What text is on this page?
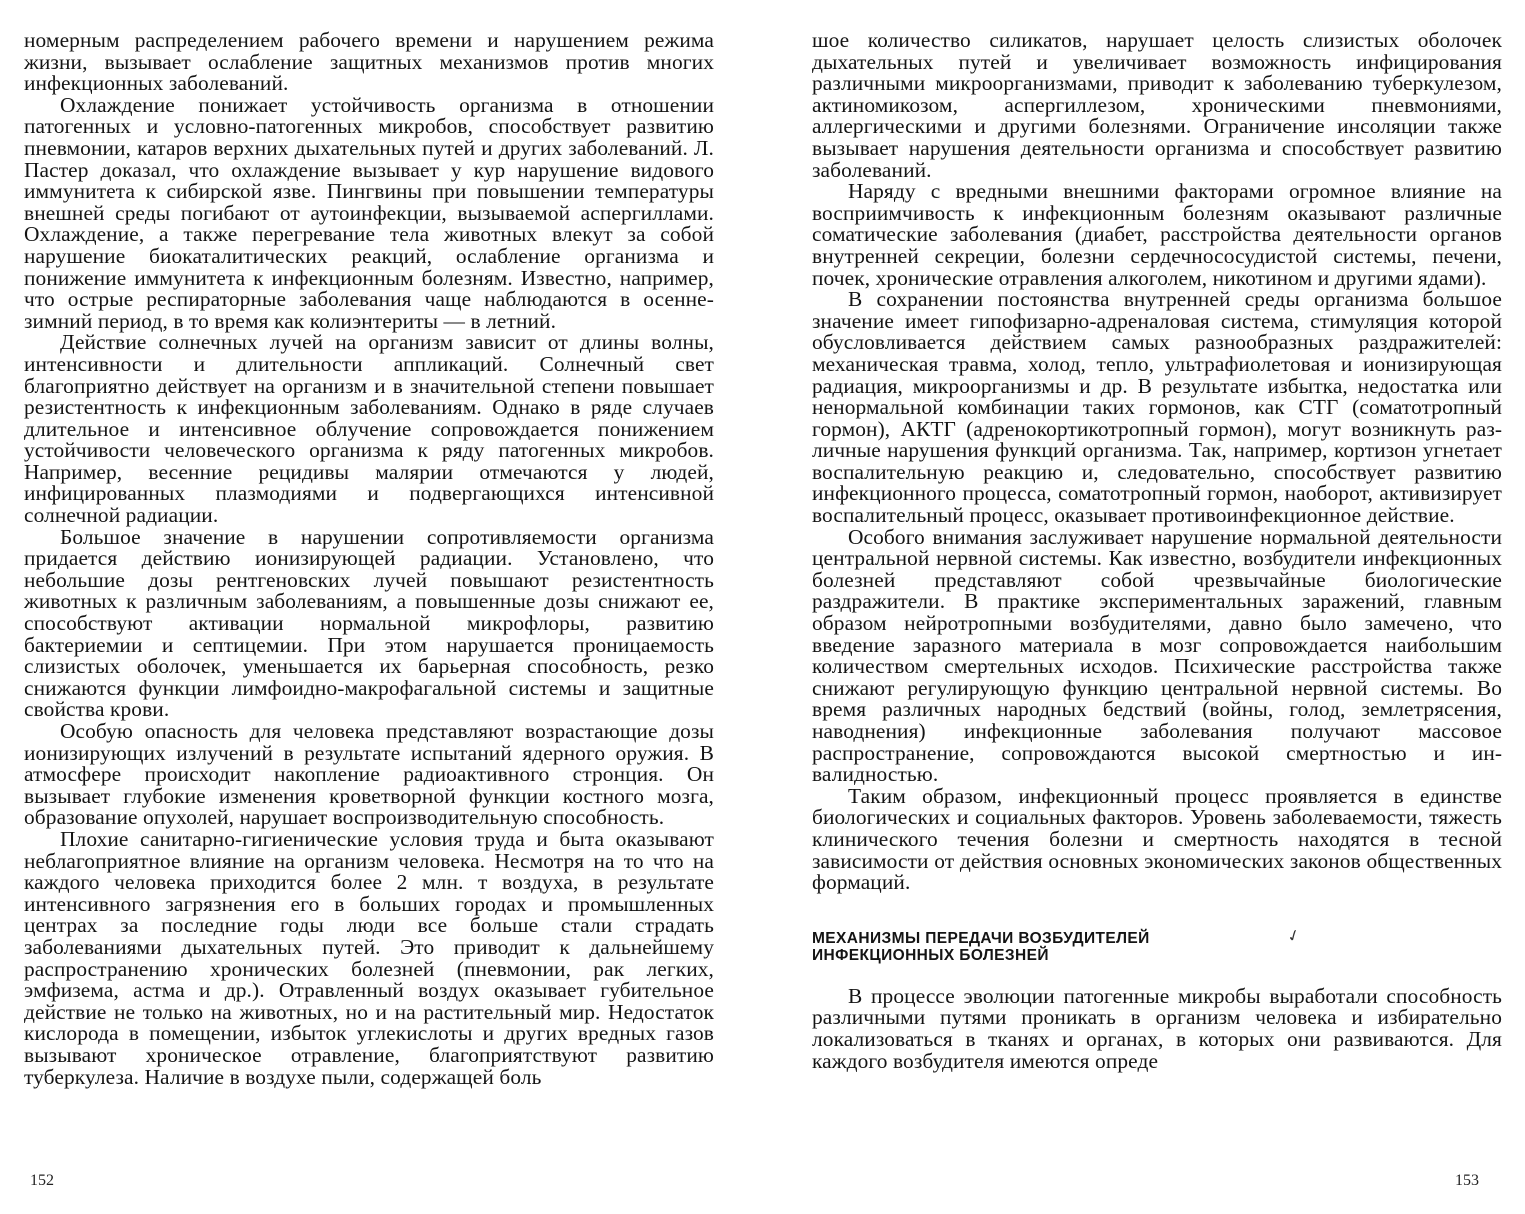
номерным распределением рабочего времени и нарушением режима жизни, вызывает ослабление защитных механизмов против многих инфекционных заболеваний.

Охлаждение понижает устойчивость организма в отношении патогенных и условно-патогенных микробов, способствует развитию пневмонии, катаров верхних дыхательных путей и других заболеваний. Л. Пастер доказал, что охлаждение вызывает у кур нарушение видового иммунитета к сибирской язве. Пингвины при повышении температуры внешней среды погибают от аутоинфекции, вызываемой аспергиллами. Охлаждение, а также перегревание тела животных влекут за собой нарушение биокаталитических реакций, ослабление организма и понижение иммунитета к инфекционным болезням. Известно, например, что острые респираторные заболевания чаще наблюдаются в осенне-зимний период, в то время как колиэнтериты — в летний.

Действие солнечных лучей на организм зависит от длины волны, интенсивности и длительности аппликаций. Солнечный свет благоприятно действует на организм и в значительной степени повышает резистентность к инфекционным заболеваниям. Однако в ряде случаев длительное и интенсивное облучение сопровождается понижением устойчивости человеческого организма к ряду патогенных микробов. Например, весенние рецидивы малярии отмечаются у людей, инфицированных плазмодиями и подвергающихся интенсивной солнечной радиации.

Большое значение в нарушении сопротивляемости организма придается действию ионизирующей радиации. Установлено, что небольшие дозы рентгеновских лучей повышают резистентность животных к различным заболеваниям, а повышенные дозы снижают ее, способствуют активации нормальной микрофлоры, развитию бактериемии и септицемии. При этом нарушается проницаемость слизистых оболочек, уменьшается их барьерная способность, резко снижаются функции лимфоидно-макрофагальной системы и защитные свойства крови.

Особую опасность для человека представляют возрастающие дозы ионизирующих излучений в результате испытаний ядерного оружия. В атмосфере происходит накопление радиоактивного стронция. Он вызывает глубокие изменения кроветворной функции костного мозга, образование опухолей, нарушает воспроизводительную способность.

Плохие санитарно-гигиенические условия труда и быта оказывают неблагоприятное влияние на организм человека. Несмотря на то что на каждого человека приходится более 2 млн. т воздуха, в результате интенсивного загрязнения его в больших городах и промышленных центрах за последние годы люди все больше стали страдать заболеваниями дыхательных путей. Это приводит к дальнейшему распространению хронических болезней (пневмонии, рак легких, эмфизема, астма и др.). Отравленный воздух оказывает губительное действие не только на животных, но и на растительный мир. Недостаток кислорода в помещении, избыток углекислоты и других вредных газов вызывают хроническое отравление, благоприятствуют развитию туберкулеза. Наличие в воздухе пыли, содержащей боль

152

шое количество силикатов, нарушает целость слизистых оболочек дыхательных путей и увеличивает возможность инфицирования различными микроорганизмами, приводит к заболеванию туберкулезом, актиномикозом, аспергиллезом, хроническими пневмониями, аллергическими и другими болезнями. Ограничение инсоляции также вызывает нарушения деятельности организма и способствует развитию заболеваний.

Наряду с вредными внешними факторами огромное влияние на восприимчивость к инфекционным болезням оказывают различные соматические заболевания (диабет, расстройства деятельности органов внутренней секреции, болезни сердечнососудистой системы, печени, почек, хронические отравления алкоголем, никотином и другими ядами).

В сохранении постоянства внутренней среды организма большое значение имеет гипофизарно-адреналовая система, стимуляция которой обусловливается действием самых разнообразных раздражителей: механическая травма, холод, тепло, ультрафиолетовая и ионизирующая радиация, микроорганизмы и др. В результате избытка, недостатка или ненормальной комбинации таких гормонов, как СТГ (соматотропный гормон), АКТГ (адренокортикотропный гормон), могут возникнуть различные нарушения функций организма. Так, например, кортизон угнетает воспалительную реакцию и, следовательно, способствует развитию инфекционного процесса, соматотропный гормон, наоборот, активизирует воспалительный процесс, оказывает противоинфекционное действие.

Особого внимания заслуживает нарушение нормальной деятельности центральной нервной системы. Как известно, возбудители инфекционных болезней представляют собой чрезвычайные биологические раздражители. В практике экспериментальных заражений, главным образом нейротропными возбудителями, давно было замечено, что введение заразного материала в мозг сопровождается наибольшим количеством смертельных исходов. Психические расстройства также снижают регулирующую функцию центральной нервной системы. Во время различных народных бедствий (войны, голод, землетрясения, наводнения) инфекционные заболевания получают массовое распространение, сопровождаются высокой смертностью и инвалидностью.

Таким образом, инфекционный процесс проявляется в единстве биологических и социальных факторов. Уровень заболеваемости, тяжесть клинического течения болезни и смертность находятся в тесной зависимости от действия основных экономических законов общественных формаций.

МЕХАНИЗМЫ ПЕРЕДАЧИ ВОЗБУДИТЕЛЕЙ

ИНФЕКЦИОННЫХ БОЛЕЗНЕЙ

✓

В процессе эволюции патогенные микробы выработали способность различными путями проникать в организм человека и избирательно локализоваться в тканях и органах, в которых они развиваются. Для каждого возбудителя имеются опреде

153
